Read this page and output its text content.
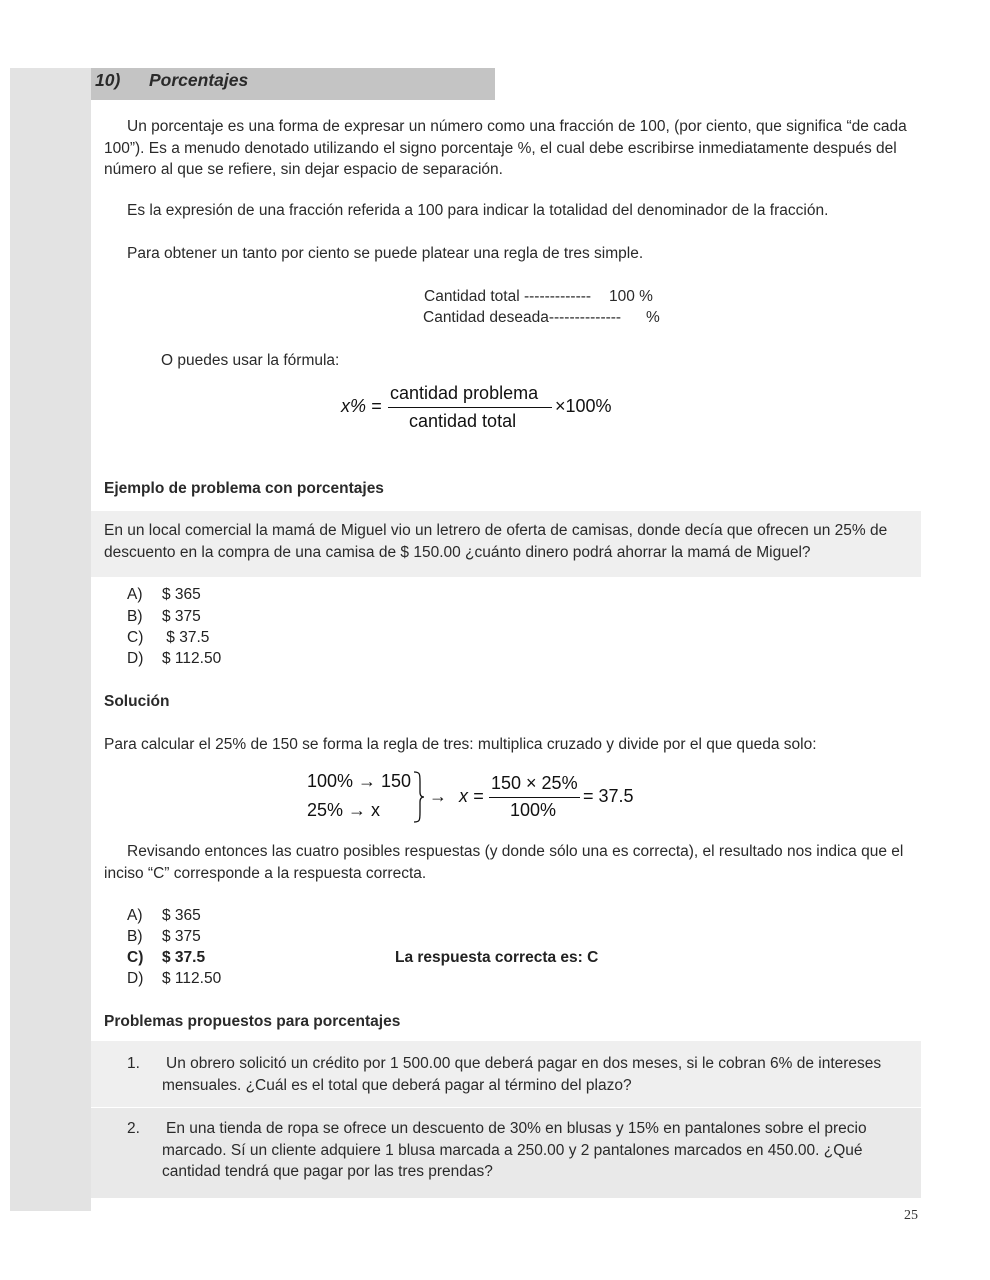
10) Porcentajes
Un porcentaje es una forma de expresar un número como una fracción de 100, (por ciento, que significa “de cada 100”). Es a menudo denotado utilizando el signo porcentaje %, el cual debe escribirse inmediatamente después del número al que se refiere, sin dejar espacio de separación.
Es la expresión de una fracción referida a 100 para indicar la totalidad del denominador de la fracción.
Para obtener un tanto por ciento se puede platear una regla de tres simple.
Cantidad total ------------- 100 %
Cantidad deseada-------------- %
O puedes usar la fórmula:
x% =
cantidad problema
cantidad total
×100%
Ejemplo de problema con porcentajes
En un local comercial la mamá de Miguel vio un letrero de oferta de camisas, donde decía que ofrecen un 25% de descuento en la compra de una camisa de $ 150.00 ¿cuánto dinero podrá ahorrar la mamá de Miguel?
A) $ 365
B) $ 375
C) $ 37.5
D) $ 112.50
Solución
Para calcular el 25% de 150 se forma la regla de tres: multiplica cruzado y divide por el que queda solo:
100% → 150
25% → x
→ x =
150 × 25%
100%
= 37.5
Revisando entonces las cuatro posibles respuestas (y donde sólo una es correcta), el resultado nos indica que el inciso “C” corresponde a la respuesta correcta.
A) $ 365
B) $ 375
C) $ 37.5
D) $ 112.50
La respuesta correcta es: C
Problemas propuestos para porcentajes
1. Un obrero solicitó un crédito por 1 500.00 que deberá pagar en dos meses, si le cobran 6% de intereses mensuales. ¿Cuál es el total que deberá pagar al término del plazo?
2. En una tienda de ropa se ofrece un descuento de 30% en blusas y 15% en pantalones sobre el precio marcado. Sí un cliente adquiere 1 blusa marcada a 250.00 y 2 pantalones marcados en 450.00. ¿Qué cantidad tendrá que pagar por las tres prendas?
25
